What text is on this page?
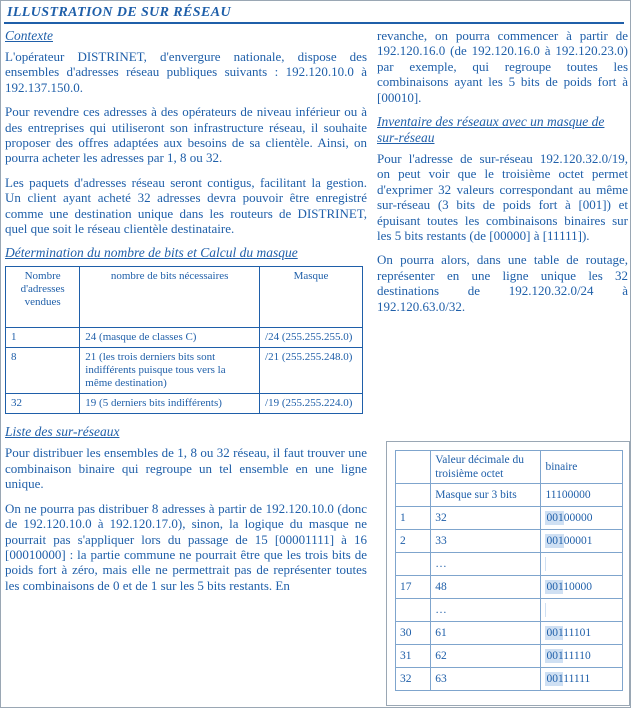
ILLUSTRATION DE SUR RÉSEAU
Contexte

L'opérateur DISTRINET, d'envergure nationale, dispose des ensembles d'adresses réseau publiques suivants : 192.120.10.0 à 192.137.150.0.

Pour revendre ces adresses à des opérateurs de niveau inférieur ou à des entreprises qui utiliseront son infrastructure réseau, il souhaite proposer des offres adaptées aux besoins de sa clientèle. Ainsi, on pourra acheter les adresses par 1, 8 ou 32.

Les paquets d'adresses réseau seront contigus, facilitant la gestion. Un client ayant acheté 32 adresses devra pouvoir être enregistré comme une destination unique dans les routeurs de DISTRINET, quel que soit le réseau clientèle destinataire.

Détermination du nombre de bits et Calcul du masque
Nombre d'adresses vendues	nombre de bits nécessaires	Masque
1	24 (masque de classes C)	/24 (255.255.255.0)
8	21 (les trois derniers bits sont indifférents puisque tous vers la même destination)	/21 (255.255.248.0)
32	19 (5 derniers bits indifférents)	/19 (255.255.224.0)
Liste des sur-réseaux

Pour distribuer les ensembles de 1, 8 ou 32 réseau, il faut trouver une combinaison binaire qui regroupe un tel ensemble en une ligne unique.

On ne pourra pas distribuer 8 adresses à partir de 192.120.10.0 (donc de 192.120.10.0 à 192.120.17.0), sinon, la logique du masque ne pourrait pas s'appliquer lors du passage de 15 [00001111] à 16 [00010000] : la partie commune ne pourrait être que les trois bits de poids fort à zéro, mais elle ne permettrait pas de représenter toutes les combinaisons de 0 et de 1 sur les 5 bits restants. En

revanche, on pourra commencer à partir de 192.120.16.0 (de 192.120.16.0 à 192.120.23.0) par exemple, qui regroupe toutes les combinaisons ayant les 5 bits de poids fort à [00010].

Inventaire des réseaux avec un masque de sur-réseau

Pour l'adresse de sur-réseau 192.120.32.0/19, on peut voir que le troisième octet permet d'exprimer 32 valeurs correspondant au même sur-réseau (3 bits de poids fort à [001]) et épuisant toutes les combinaisons binaires sur les 5 bits restants (de [00000] à [11111]).

On pourra alors, dans une table de routage, représenter en une ligne unique les 32 destinations de 192.120.32.0/24 à 192.120.63.0/32.

	Valeur décimale du troisième octet	binaire
	Masque sur 3 bits	11100000
1	32	00100000
2	33	00100001
	…	
17	48	00110000
	…	
30	61	00111101
31	62	00111110
32	63	00111111
